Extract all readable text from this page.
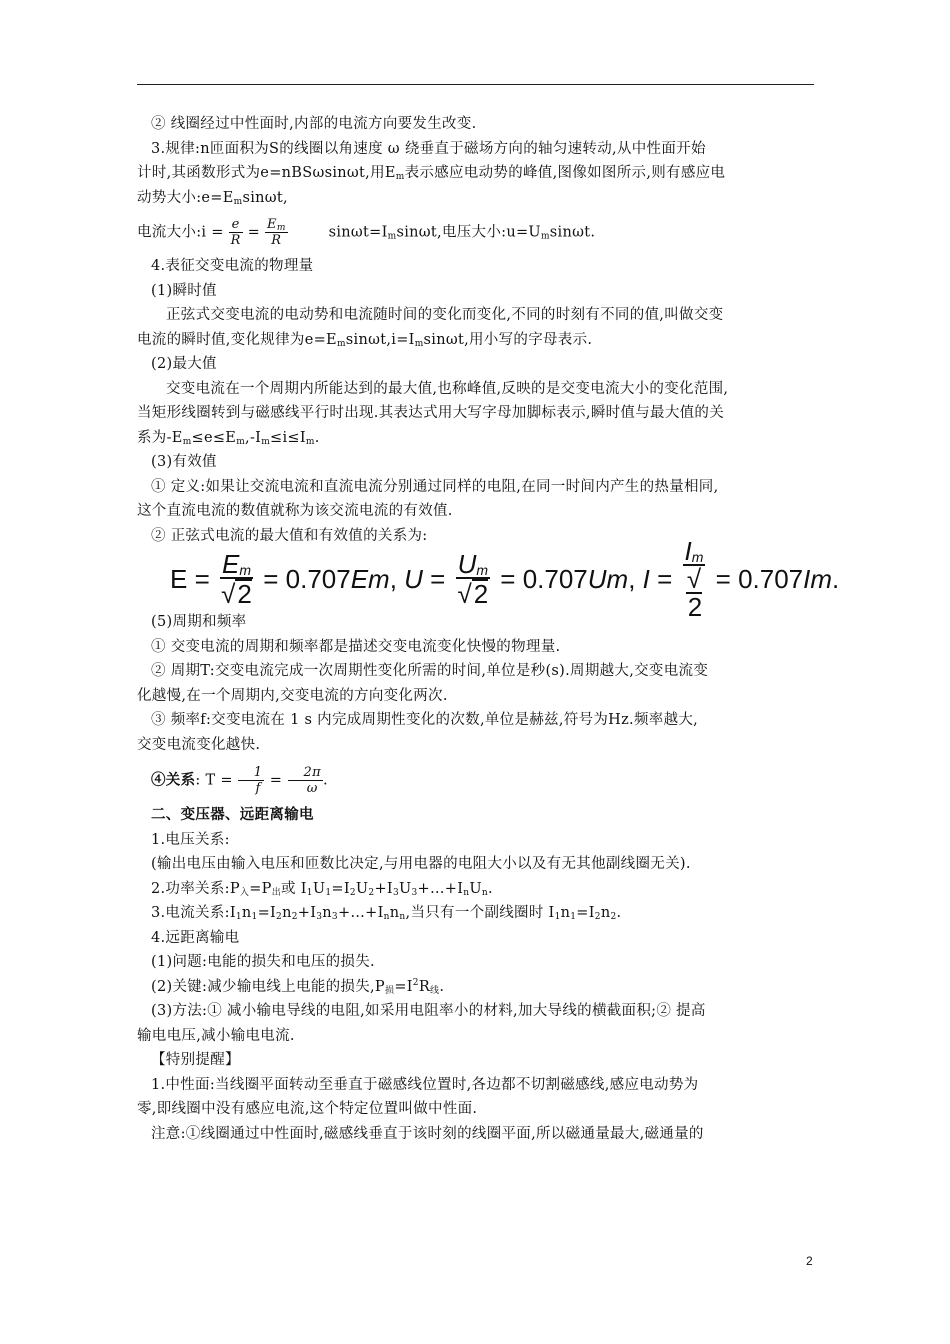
② 线圈经过中性面时,内部的电流方向要发生改变.

3.规律:n匝面积为S的线圈以角速度 ω 绕垂直于磁场方向的轴匀速转动,从中性面开始

计时,其函数形式为e=nBSωsinωt,用$E_m$表示感应电动势的峰值,图像如图所示,则有感应电

动势大小$:e=E_m\sin\omega t$,

电流大小:i = $\frac{e}{R} = \frac{E_m}{R}$	$\sin\omega t=I_m\sin\omega t$,电压大小$:u=U_m\sin\omega t$.

4.表征交变电流的物理量

(1)瞬时值

正弦式交变电流的电动势和电流随时间的变化而变化,不同的时刻有不同的值,叫做交变

电流的瞬时值,变化规律为$e=E_m\sin\omega t,i=I_m\sin\omega t$,用小写的字母表示.

(2)最大值

交变电流在一个周期内所能达到的最大值,也称峰值,反映的是交变电流大小的变化范围,

当矩形线圈转到与磁感线平行时出现.其表达式用大写字母加脚标表示,瞬时值与最大值的关

系为$-E_m\le e\le E_m,-I_m\le i\le I_m$.

(3)有效值

① 定义:如果让交流电流和直流电流分别通过同样的电阻,在同一时间内产生的热量相同,

这个直流电流的数值就称为该交流电流的有效值.

② 正弦式电流的最大值和有效值的关系为:

$E = \frac{E_m}{√2} = 0.707$ Em , $U = \frac{U_m}{√2} = 0.707$ Um , $I = \frac{I_m}{√2} = 0.707$ Im .

(5)周期和频率

① 交变电流的周期和频率都是描述交变电流变化快慢的物理量.

② 周期T:交变电流完成一次周期性变化所需的时间,单位是秒(s).周期越大,交变电流变

化越慢,在一个周期内,交变电流的方向变化两次.

③ 频率f:交变电流在 1 s 内完成周期性变化的次数,单位是赫兹,符号为Hz.频率越大,

交变电流变化越快.

④关系: $T = \frac{1}{f} = \frac{2\pi}{\omega}$ .

二、变压器、远距离输电

1.电压关系:

(输出电压由输入电压和匝数比决定,与用电器的电阻大小以及有无其他副线圈无关).

2.功率关系$:P_入=P_出$或 $I_1U_1=I_2U_2+I_3U_3+\dots+I_nU_n$.

3.电流关系$:I_1n_1=I_2n_2+I_3n_3+\dots+I_nn_n$,当只有一个副线圈时 $I_1n_1=I_2n_2$.

4.远距离输电

(1)问题:电能的损失和电压的损失.

(2)关键:减少输电线上电能的损失$,P_损=I^2R_线$.

(3)方法:① 减小输电导线的电阻,如采用电阻率小的材料,加大导线的横截面积;② 提高

输电电压,减小输电电流.

【特别提醒】

1.中性面:当线圈平面转动至垂直于磁感线位置时,各边都不切割磁感线,感应电动势为

零,即线圈中没有感应电流,这个特定位置叫做中性面.

注意:①线圈通过中性面时,磁感线垂直于该时刻的线圈平面,所以磁通量最大,磁通量的

2
